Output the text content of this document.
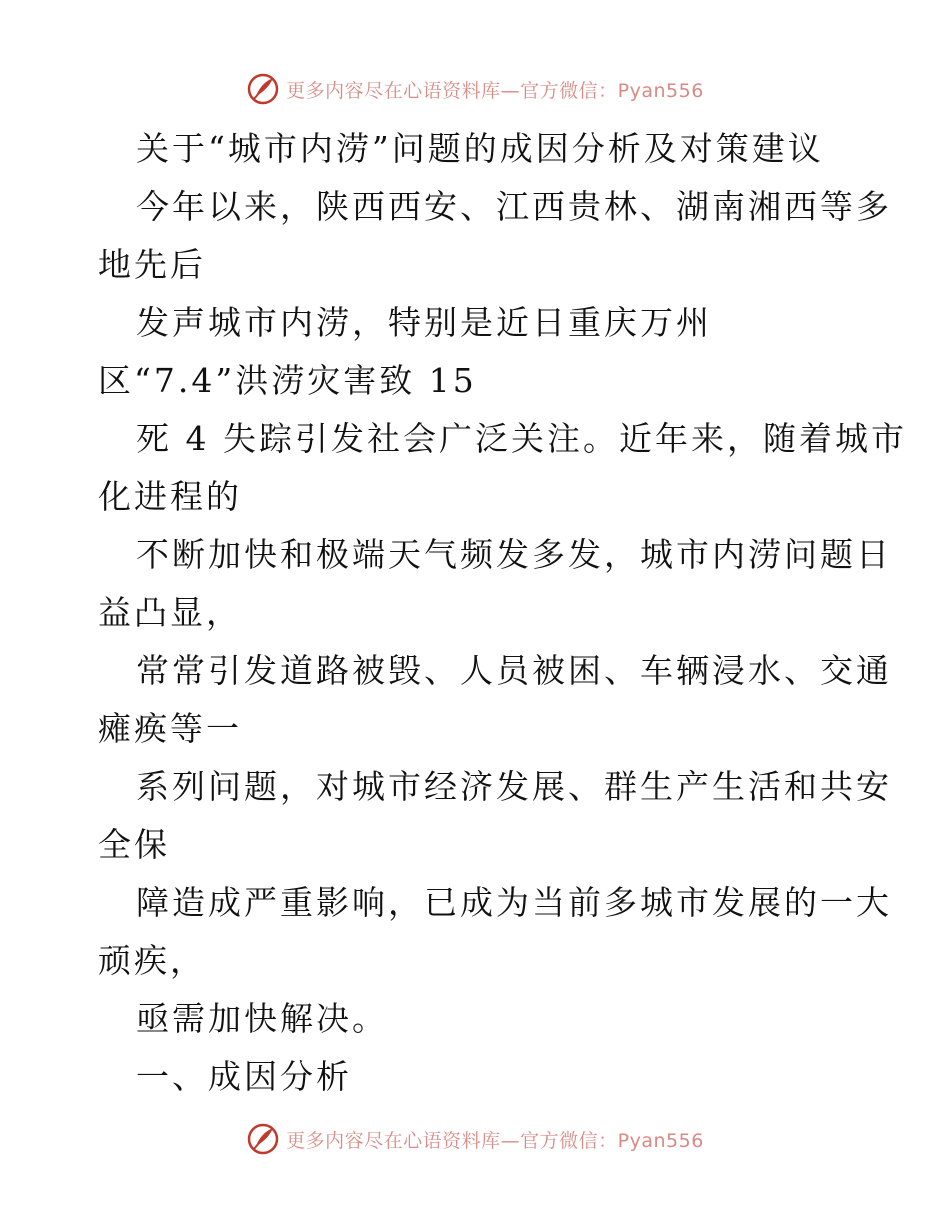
更多内容尽在心语资料库—官方微信：Pyan556
关于“城市内涝”问题的成因分析及对策建议
今年以来，陕西西安、江西贵林、湖南湘西等多
地先后
发声城市内涝，特别是近日重庆万州
区“7.4”洪涝灾害致 15
死 4 失踪引发社会广泛关注。近年来，随着城市
化进程的
不断加快和极端天气频发多发，城市内涝问题日
益凸显，
常常引发道路被毁、人员被困、车辆浸水、交通
瘫痪等一
系列问题，对城市经济发展、群生产生活和共安
全保
障造成严重影响，已成为当前多城市发展的一大
顽疾，
亟需加快解决。
一、成因分析
更多内容尽在心语资料库—官方微信：Pyan556
